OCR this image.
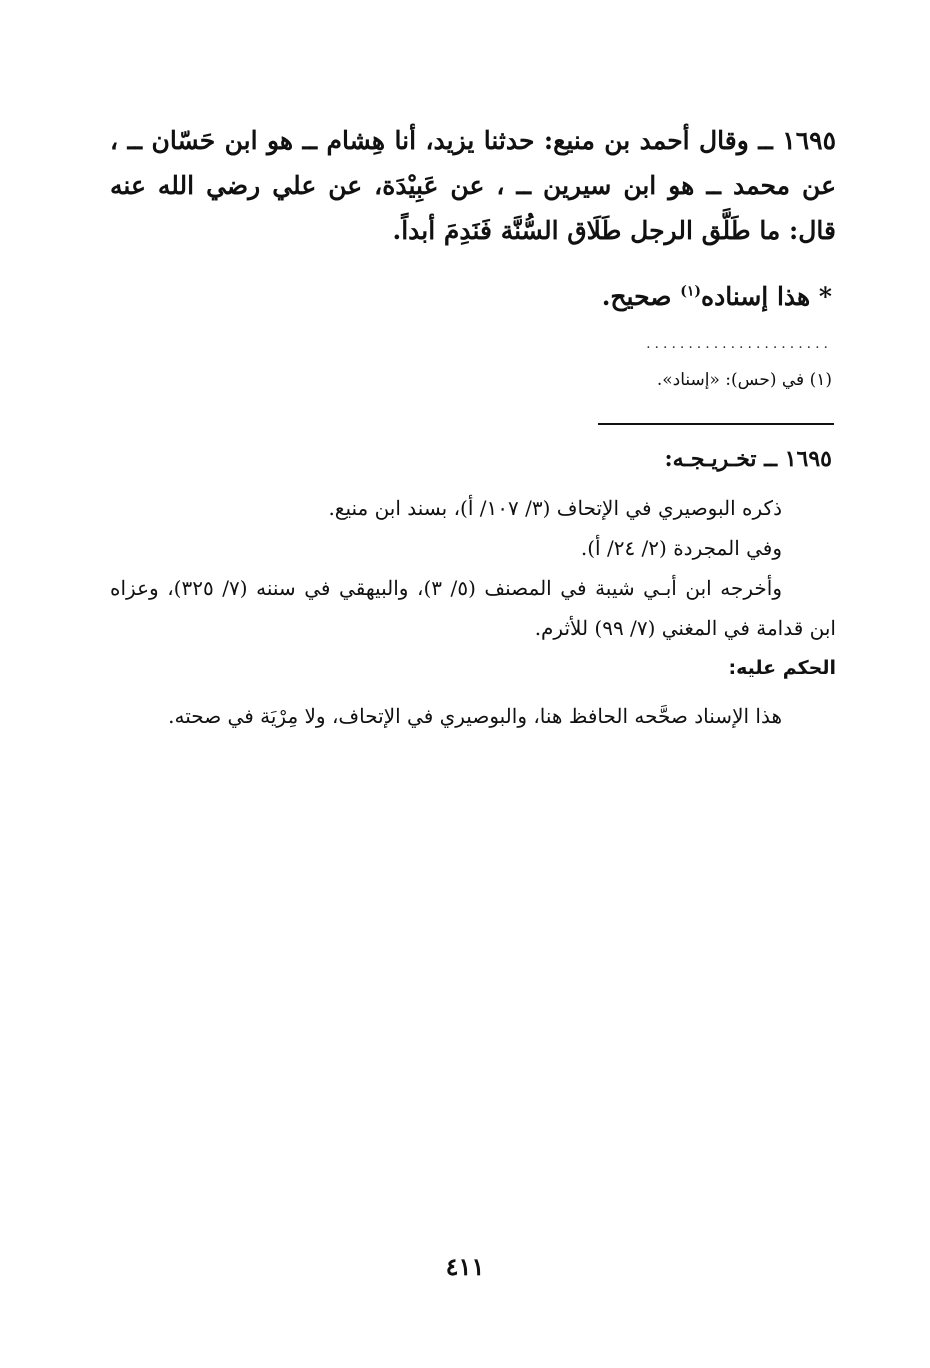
١٦٩٥ ــ وقال أحمد بن منيع: حدثنا يزيد، أنا هِشام ــ هو ابن حَسّان ــ ، عن محمد ــ هو ابن سيرين ــ ، عن عَبِيْدَة، عن علي رضي الله عنه قال: ما طَلَّق الرجل طَلَاق السُّنَّة فَنَدِمَ أبداً.

* هذا إسناده$^{(١)}$ صحيح.
......................
(١) في (حس): «إسناد».
١٦٩٥ ــ تخـريـجـه:

ذكره البوصيري في الإتحاف (٣/ ١٠٧/ أ)، بسند ابن منيع.

وفي المجردة (٢/ ٢٤/ أ).

وأخرجه ابن أبـي شيبة في المصنف (٥/ ٣)، والبيهقي في سننه (٧/ ٣٢٥)، وعزاه ابن قدامة في المغني (٧/ ٩٩) للأثرم.

الحكم عليه:

هذا الإسناد صحَّحه الحافظ هنا، والبوصيري في الإتحاف، ولا مِرْيَة في صحته.

٤١١
